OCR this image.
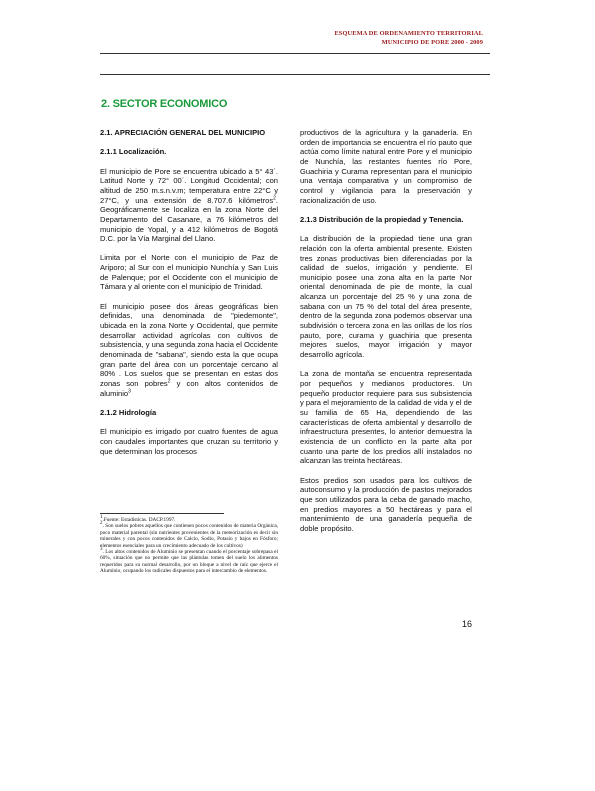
ESQUEMA DE ORDENAMIENTO TERRITORIAL
MUNICIPIO DE PORE 2000 - 2009
2. SECTOR ECONOMICO

2.1. APRECIACIÓN GENERAL DEL MUNICIPIO

2.1.1 Localización.

El municipio de Pore se encuentra ubicado a 5° 43´. Latitud Norte y 72° 00´. Longitud Occidental; con altitud de 250 m.s.n.v.m; temperatura entre 22°C y 27°C, y una extensión de 8.707.6 kilómetros$^2$. Geográficamente se localiza en la zona Norte del Departamento del Casanare, a 76 kilómetros del municipio de Yopal, y a 412 kilómetros de Bogotá D.C. por la Vía Marginal del Llano.

Limita por el Norte con el municipio de Paz de Ariporo; al Sur con el municipio Nunchía y San Luis de Palenque; por el Occidente con el municipio de Támara y al oriente con el municipio de Trinidad.

El municipio posee dos áreas geográficas bien definidas, una denominada de "piedemonte", ubicada en la zona Norte y Occidental, que permite desarrollar actividad agrícolas con cultivos de subsistencia, y una segunda zona hacia el Occidente denominada de "sabana", siendo esta la que ocupa gran parte del área con un porcentaje cercano al 80% . Los suelos que se presentan en estas dos zonas son pobres$^2$ y con altos contenidos de aluminio$^3$

2.1.2 Hidrología

El municipio es irrigado por cuatro fuentes de agua con caudales importantes que cruzan su territorio y que determinan los procesos

$^1$.Fuente: Estadísticas. DACP.1997.

$^2$. Son suelos pobres aquellos que contienen pocos contenidos de materia Orgánica, poco material parental (sin nutrientes provenientes de la meteorización es decir sin minerales y con pocos contenidos de Calcio, Sodio, Potasio y bajos en Fósforo; elementos esenciales para un crecimiento adecuado de los cultivos)

$^3$. Los altos contenidos de Aluminio se presentan cuando el porcentaje sobrepasa el 60%, situación que no permite que las plántulas tomen del suelo los alimentos requeridos para su normal desarrollo, por un bloque a nivel de raíz que ejerce el Aluminio, ocupando los radicales dispuestos para el intercambio de elementos.

productivos de la agricultura y la ganadería. En orden de importancia se encuentra el río pauto que actúa como límite natural entre Pore y el municipio de Nunchía, las restantes fuentes río Pore, Guachiria y Curama representan para el municipio una ventaja comparativa y un compromiso de control y vigilancia para la preservación y racionalización de uso.

2.1.3 Distribución de la propiedad y Tenencia.

La distribución de la propiedad tiene una gran relación con la oferta ambiental presente. Existen tres zonas productivas bien diferenciadas por la calidad de suelos, irrigación y pendiente. El municipio posee una zona alta en la parte Nor oriental denominada de pie de monte, la cual alcanza un porcentaje del 25 % y una zona de sabana con un 75 % del total del área presente, dentro de la segunda zona podemos observar una subdivisión o tercera zona en las orillas de los ríos pauto, pore, curama y guachiria que presenta mejores suelos, mayor irrigación y mayor desarrollo agrícola.

La zona de montaña se encuentra representada por pequeños y medianos productores. Un pequeño productor requiere para sus subsistencia y para el mejoramiento de la calidad de vida y el de su familia de 65 Ha, dependiendo de las características de oferta ambiental y desarrollo de infraestructura presentes, lo anterior demuestra la existencia de un conflicto en la parte alta por cuanto una parte de los predios allí instalados no alcanzan las treinta hectáreas.

Estos predios son usados para los cultivos de autoconsumo y la producción de pastos mejorados que son utilizados para la ceba de ganado macho, en predios mayores a 50 hectáreas y para el mantenimiento de una ganadería pequeña de doble propósito.

16
